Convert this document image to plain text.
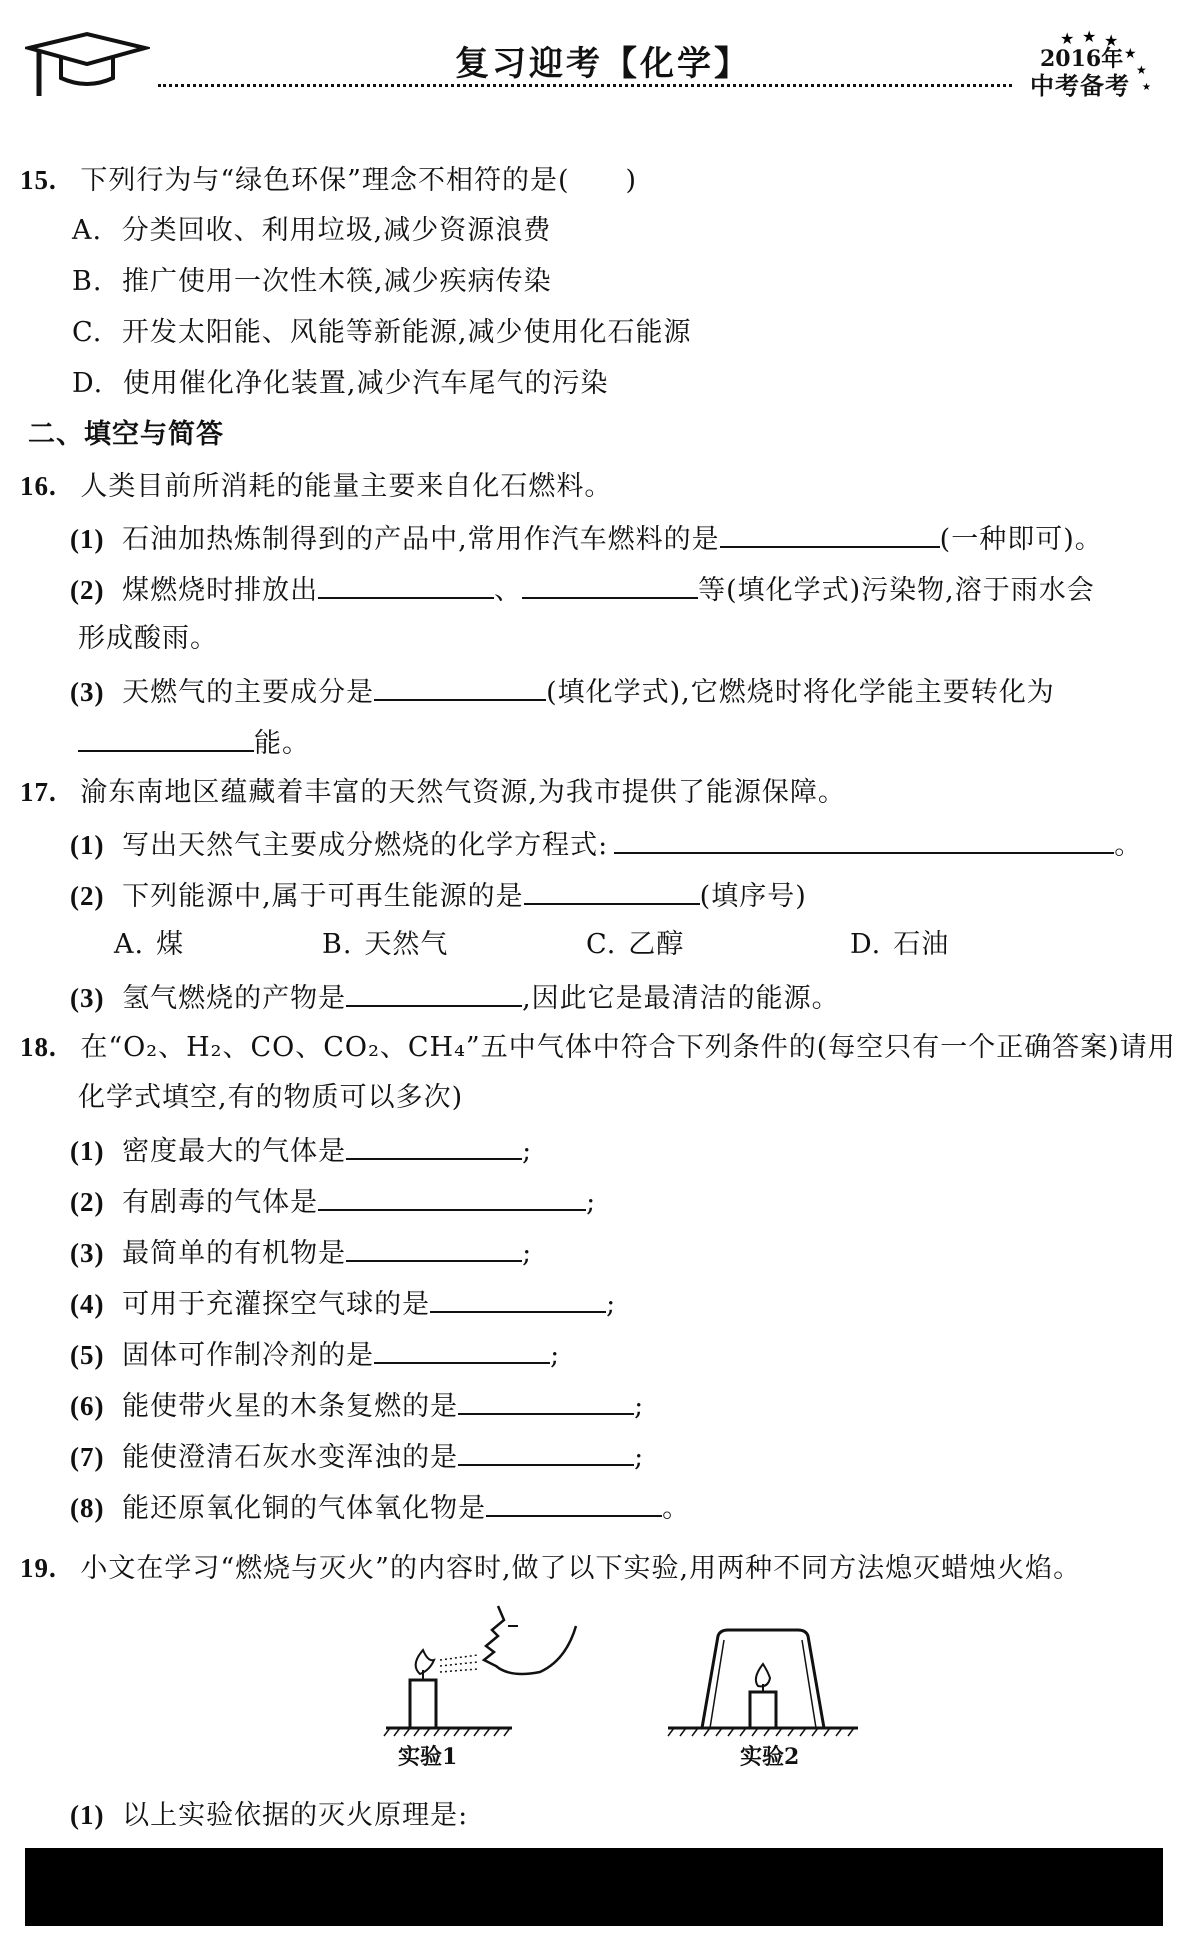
复习迎考【化学】
★ ★ ★
★
★
★
2016年
中考备考
15. 下列行为与“绿色环保”理念不相符的是(　　)
A. 分类回收、利用垃圾,减少资源浪费
B. 推广使用一次性木筷,减少疾病传染
C. 开发太阳能、风能等新能源,减少使用化石能源
D. 使用催化净化装置,减少汽车尾气的污染
二、填空与简答
16. 人类目前所消耗的能量主要来自化石燃料。
(1) 石油加热炼制得到的产品中,常用作汽车燃料的是	(一种即可)。
(2) 煤燃烧时排放出	、	等(填化学式)污染物,溶于雨水会
形成酸雨。
(3) 天燃气的主要成分是	(填化学式),它燃烧时将化学能主要转化为
能。
17. 渝东南地区蕴藏着丰富的天然气资源,为我市提供了能源保障。
(1) 写出天然气主要成分燃烧的化学方程式:	。
(2) 下列能源中,属于可再生能源的是	(填序号)
A. 煤	B. 天然气	C. 乙醇	D. 石油
(3) 氢气燃烧的产物是	,因此它是最清洁的能源。
18. 在“O₂、H₂、CO、CO₂、CH₄”五中气体中符合下列条件的(每空只有一个正确答案)请用
化学式填空,有的物质可以多次)
(1) 密度最大的气体是	;
(2) 有剧毒的气体是	;
(3) 最简单的有机物是	;
(4) 可用于充灌探空气球的是	;
(5) 固体可作制冷剂的是	;
(6) 能使带火星的木条复燃的是	;
(7) 能使澄清石灰水变浑浊的是	;
(8) 能还原氧化铜的气体氧化物是	。
19. 小文在学习“燃烧与灭火”的内容时,做了以下实验,用两种不同方法熄灭蜡烛火焰。
实验1	实验2
(1) 以上实验依据的灭火原理是:
